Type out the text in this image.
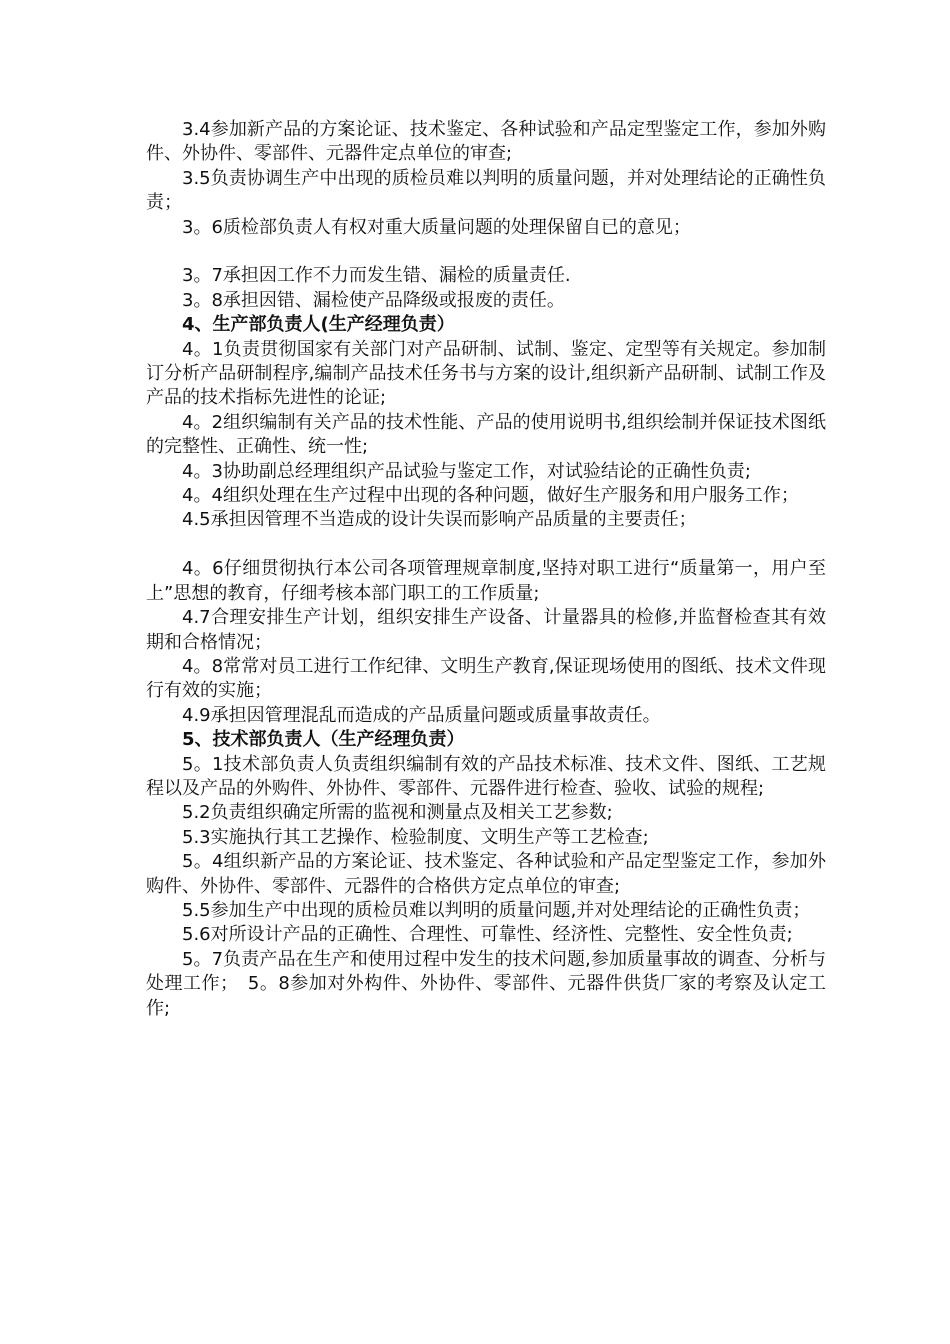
3.4参加新产品的方案论证、技术鉴定、各种试验和产品定型鉴定工作，参加外购件、外协件、零部件、元器件定点单位的审查;

3.5负责协调生产中出现的质检员难以判明的质量问题，并对处理结论的正确性负责；

3。6质检部负责人有权对重大质量问题的处理保留自已的意见；

3。7承担因工作不力而发生错、漏检的质量责任.

3。8承担因错、漏检使产品降级或报废的责任。

4、生产部负责人(生产经理负责）

4。1负责贯彻国家有关部门对产品研制、试制、鉴定、定型等有关规定。参加制订分析产品研制程序,编制产品技术任务书与方案的设计,组织新产品研制、试制工作及产品的技术指标先进性的论证;

4。2组织编制有关产品的技术性能、产品的使用说明书,组织绘制并保证技术图纸的完整性、正确性、统一性;

4。3协助副总经理组织产品试验与鉴定工作，对试验结论的正确性负责;

4。4组织处理在生产过程中出现的各种问题，做好生产服务和用户服务工作；

4.5承担因管理不当造成的设计失误而影响产品质量的主要责任；

4。6仔细贯彻执行本公司各项管理规章制度,坚持对职工进行“质量第一，用户至上”思想的教育，仔细考核本部门职工的工作质量;

4.7合理安排生产计划，组织安排生产设备、计量器具的检修,并监督检查其有效期和合格情况；

4。8常常对员工进行工作纪律、文明生产教育,保证现场使用的图纸、技术文件现行有效的实施；

4.9承担因管理混乱而造成的产品质量问题或质量事故责任。

5、技术部负责人（生产经理负责）

5。1技术部负责人负责组织编制有效的产品技术标准、技术文件、图纸、工艺规程以及产品的外购件、外协件、零部件、元器件进行检查、验收、试验的规程;

5.2负责组织确定所需的监视和测量点及相关工艺参数;

5.3实施执行其工艺操作、检验制度、文明生产等工艺检查;

5。4组织新产品的方案论证、技术鉴定、各种试验和产品定型鉴定工作，参加外购件、外协件、零部件、元器件的合格供方定点单位的审查;

5.5参加生产中出现的质检员难以判明的质量问题,并对处理结论的正确性负责；

5.6对所设计产品的正确性、合理性、可靠性、经济性、完整性、安全性负责;

5。7负责产品在生产和使用过程中发生的技术问题,参加质量事故的调查、分析与处理工作；　5。8参加对外构件、外协件、零部件、元器件供货厂家的考察及认定工作;
